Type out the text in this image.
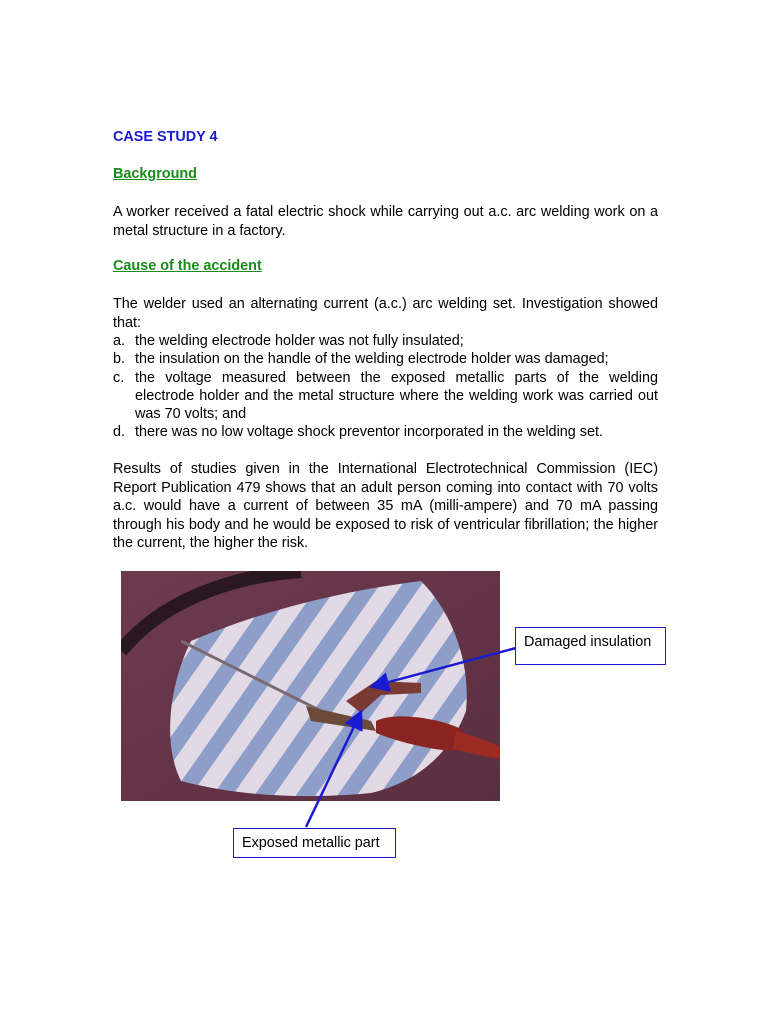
CASE STUDY 4
Background

A worker received a fatal electric shock while carrying out a.c. arc welding work on a metal structure in a factory.

Cause of the accident

The welder used an alternating current (a.c.) arc welding set. Investigation showed that:

a. the welding electrode holder was not fully insulated;
b. the insulation on the handle of the welding electrode holder was damaged;
c. the voltage measured between the exposed metallic parts of the welding electrode holder and the metal structure where the welding work was carried out was 70 volts; and
d. there was no low voltage shock preventor incorporated in the welding set.

Results of studies given in the International Electrotechnical Commission (IEC) Report Publication 479 shows that an adult person coming into contact with 70 volts a.c. would have a current of between 35 mA (milli-ampere) and 70 mA passing through his body and he would be exposed to risk of ventricular fibrillation; the higher the current, the higher the risk.

Damaged insulation
Exposed metallic part
